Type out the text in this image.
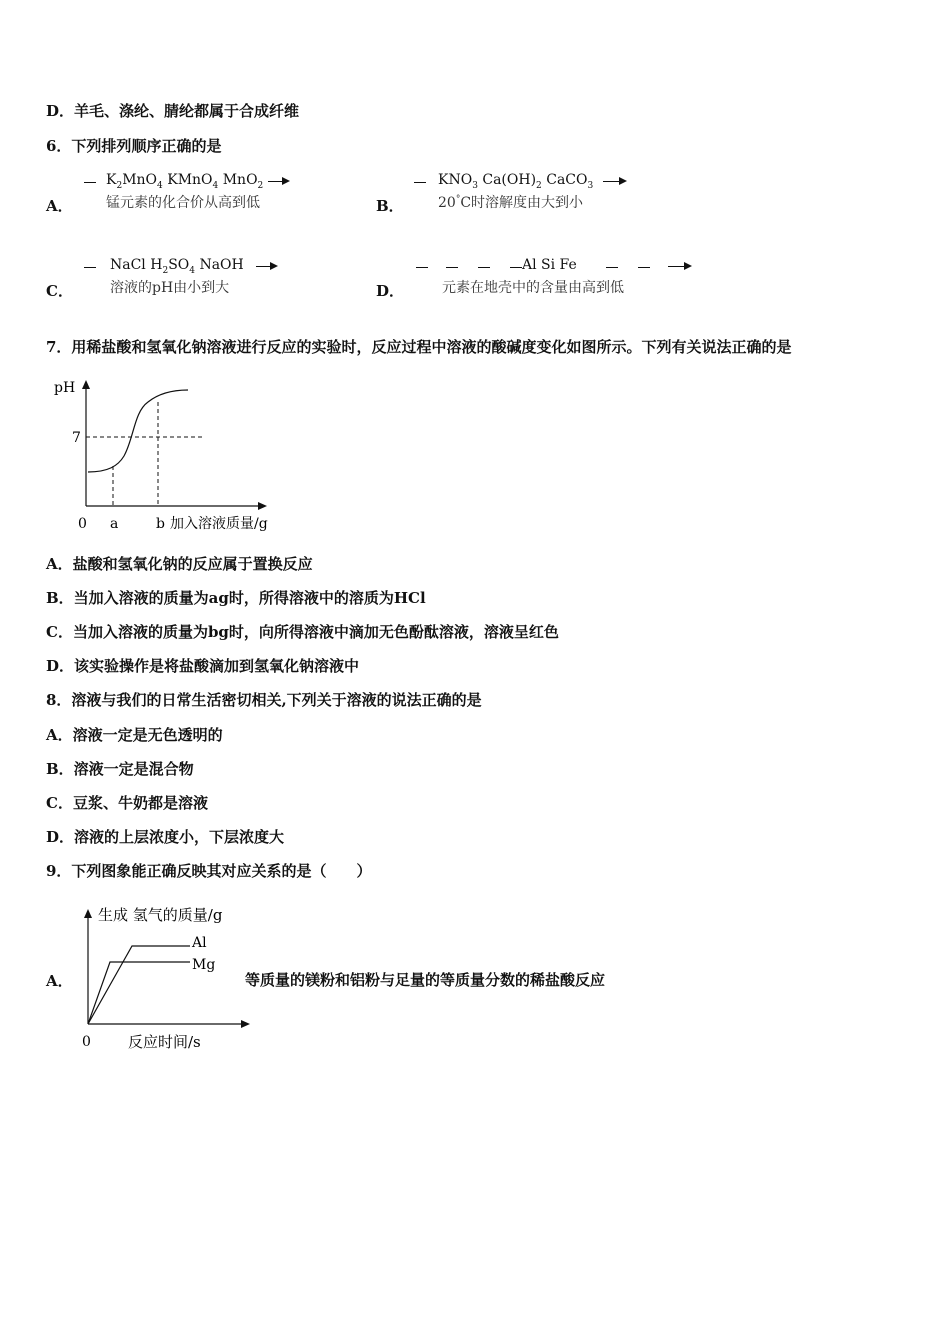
D．羊毛、涤纶、腈纶都属于合成纤维
6．下列排列顺序正确的是
A．
$K_2MnO_4$ KMnO$_4$ MnO$_2$
锰元素的化合价从高到低	B．
$KNO_3$ $Ca(OH)_2$ CaCO$_3$
20°C时溶解度由大到小
C．
NaCl $H_2SO_4$ NaOH
溶液的pH由小到大	D．
Al Si Fe
元素在地壳中的含量由高到低
7．用稀盐酸和氢氧化钠溶液进行反应的实验时，反应过程中溶液的酸碱度变化如图所示。下列有关说法正确的是
pH
7
0 a	b 加入溶液质量/g
A．盐酸和氢氧化钠的反应属于置换反应
B．当加入溶液的质量为ag时，所得溶液中的溶质为HCl
C．当加入溶液的质量为bg时，向所得溶液中滴加无色酚酞溶液，溶液呈红色
D．该实验操作是将盐酸滴加到氢氧化钠溶液中
8．溶液与我们的日常生活密切相关,下列关于溶液的说法正确的是
A．溶液一定是无色透明的
B．溶液一定是混合物
C．豆浆、牛奶都是溶液
D．溶液的上层浓度小，下层浓度大
9．下列图象能正确反映其对应关系的是（　　）
A．
生成 氢气的质量/g
Al
Mg
0 反应时间/s
等质量的镁粉和铝粉与足量的等质量分数的稀盐酸反应
